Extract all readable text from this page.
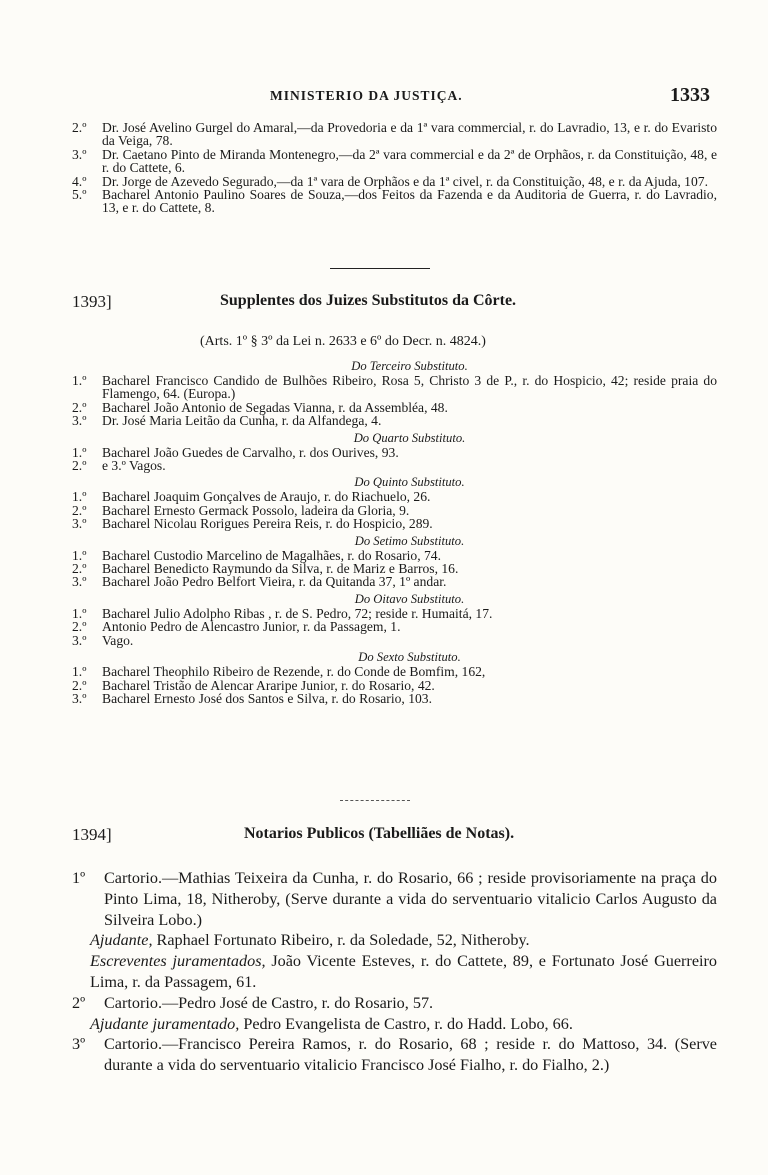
MINISTERIO DA JUSTIÇA.	1333
2.º Dr. José Avelino Gurgel do Amaral,—da Provedoria e da 1ª vara commercial, r. do Lavradio, 13, e r. do Evaristo da Veiga, 78.
3.º Dr. Caetano Pinto de Miranda Montenegro,—da 2ª vara commercial e da 2ª de Orphãos, r. da Constituição, 48, e r. do Cattete, 6.
4.º Dr. Jorge de Azevedo Segurado,—da 1ª vara de Orphãos e da 1ª civel, r. da Constituição, 48, e r. da Ajuda, 107.
5.º Bacharel Antonio Paulino Soares de Souza,—dos Feitos da Fazenda e da Auditoria de Guerra, r. do Lavradio, 13, e r. do Cattete, 8.
1393]	Supplentes dos Juizes Substitutos da Côrte.
(Arts. 1º § 3º da Lei n. 2633 e 6º do Decr. n. 4824.)
Do Terceiro Substituto.
1.º Bacharel Francisco Candido de Bulhões Ribeiro, Rosa 5, Christo 3 de P., r. do Hospicio, 42; reside praia do Flamengo, 64. (Europa.)
2.º Bacharel João Antonio de Segadas Vianna, r. da Assembléa, 48.
3.º Dr. José Maria Leitão da Cunha, r. da Alfandega, 4.
Do Quarto Substituto.
1.º Bacharel João Guedes de Carvalho, r. dos Ourives, 93.
2.º e 3.º Vagos.
Do Quinto Substituto.
1.º Bacharel Joaquim Gonçalves de Araujo, r. do Riachuelo, 26.
2.º Bacharel Ernesto Germack Possolo, ladeira da Gloria, 9.
3.º Bacharel Nicolau Rorigues Pereira Reis, r. do Hospicio, 289.
Do Setimo Substituto.
1.º Bacharel Custodio Marcelino de Magalhães, r. do Rosario, 74.
2.º Bacharel Benedicto Raymundo da Silva, r. de Mariz e Barros, 16.
3.º Bacharel João Pedro Belfort Vieira, r. da Quitanda 37, 1º andar.
Do Oitavo Substituto.
1.º Bacharel Julio Adolpho Ribas , r. de S. Pedro, 72; reside r. Humaitá, 17.
2.º Antonio Pedro de Alencastro Junior, r. da Passagem, 1.
3.º Vago.
Do Sexto Substituto.
1.º Bacharel Theophilo Ribeiro de Rezende, r. do Conde de Bomfim, 162,
2.º Bacharel Tristão de Alencar Araripe Junior, r. do Rosario, 42.
3.º Bacharel Ernesto José dos Santos e Silva, r. do Rosario, 103.
1394]	Notarios Publicos (Tabelliães de Notas).
1º Cartorio.—Mathias Teixeira da Cunha, r. do Rosario, 66 ; reside provisoriamente na praça do Pinto Lima, 18, Nitheroby, (Serve durante a vida do serventuario vitalicio Carlos Augusto da Silveira Lobo.)
Ajudante, Raphael Fortunato Ribeiro, r. da Soledade, 52, Nitheroby.
Escreventes juramentados, João Vicente Esteves, r. do Cattete, 89, e Fortunato José Guerreiro Lima, r. da Passagem, 61.
2º Cartorio.—Pedro José de Castro, r. do Rosario, 57.
Ajudante juramentado, Pedro Evangelista de Castro, r. do Hadd. Lobo, 66.
3º Cartorio.—Francisco Pereira Ramos, r. do Rosario, 68 ; reside r. do Mattoso, 34. (Serve durante a vida do serventuario vitalicio Francisco José Fialho, r. do Fialho, 2.)
